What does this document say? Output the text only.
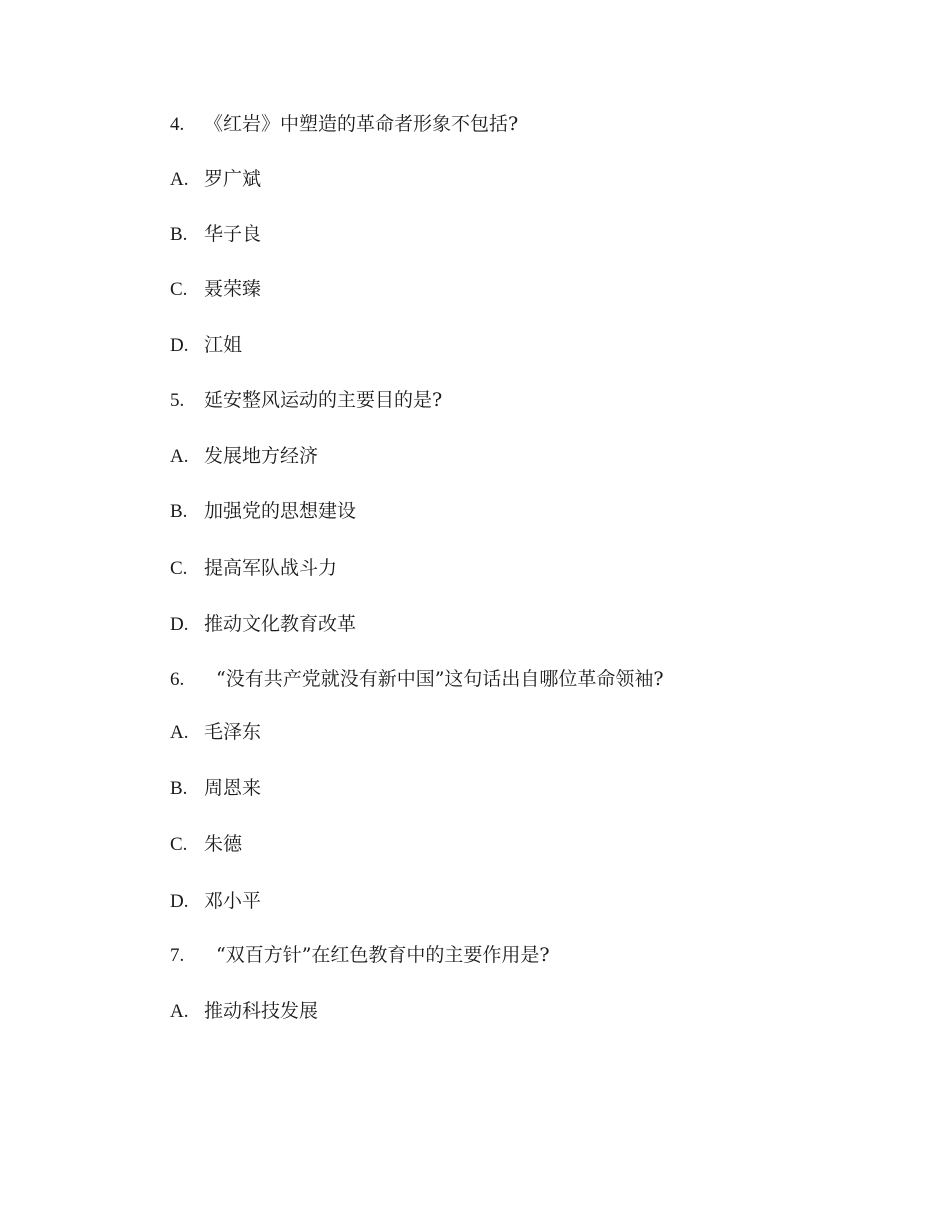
4.	《红岩》中塑造的革命者形象不包括?
A. 罗广斌
B. 华子良
C. 聂荣臻
D. 江姐
5.	延安整风运动的主要目的是?
A. 发展地方经济
B. 加强党的思想建设
C. 提高军队战斗力
D. 推动文化教育改革
6.	“没有共产党就没有新中国”这句话出自哪位革命领袖?
A. 毛泽东
B. 周恩来
C. 朱德
D. 邓小平
7.	“双百方针”在红色教育中的主要作用是?
A. 推动科技发展
